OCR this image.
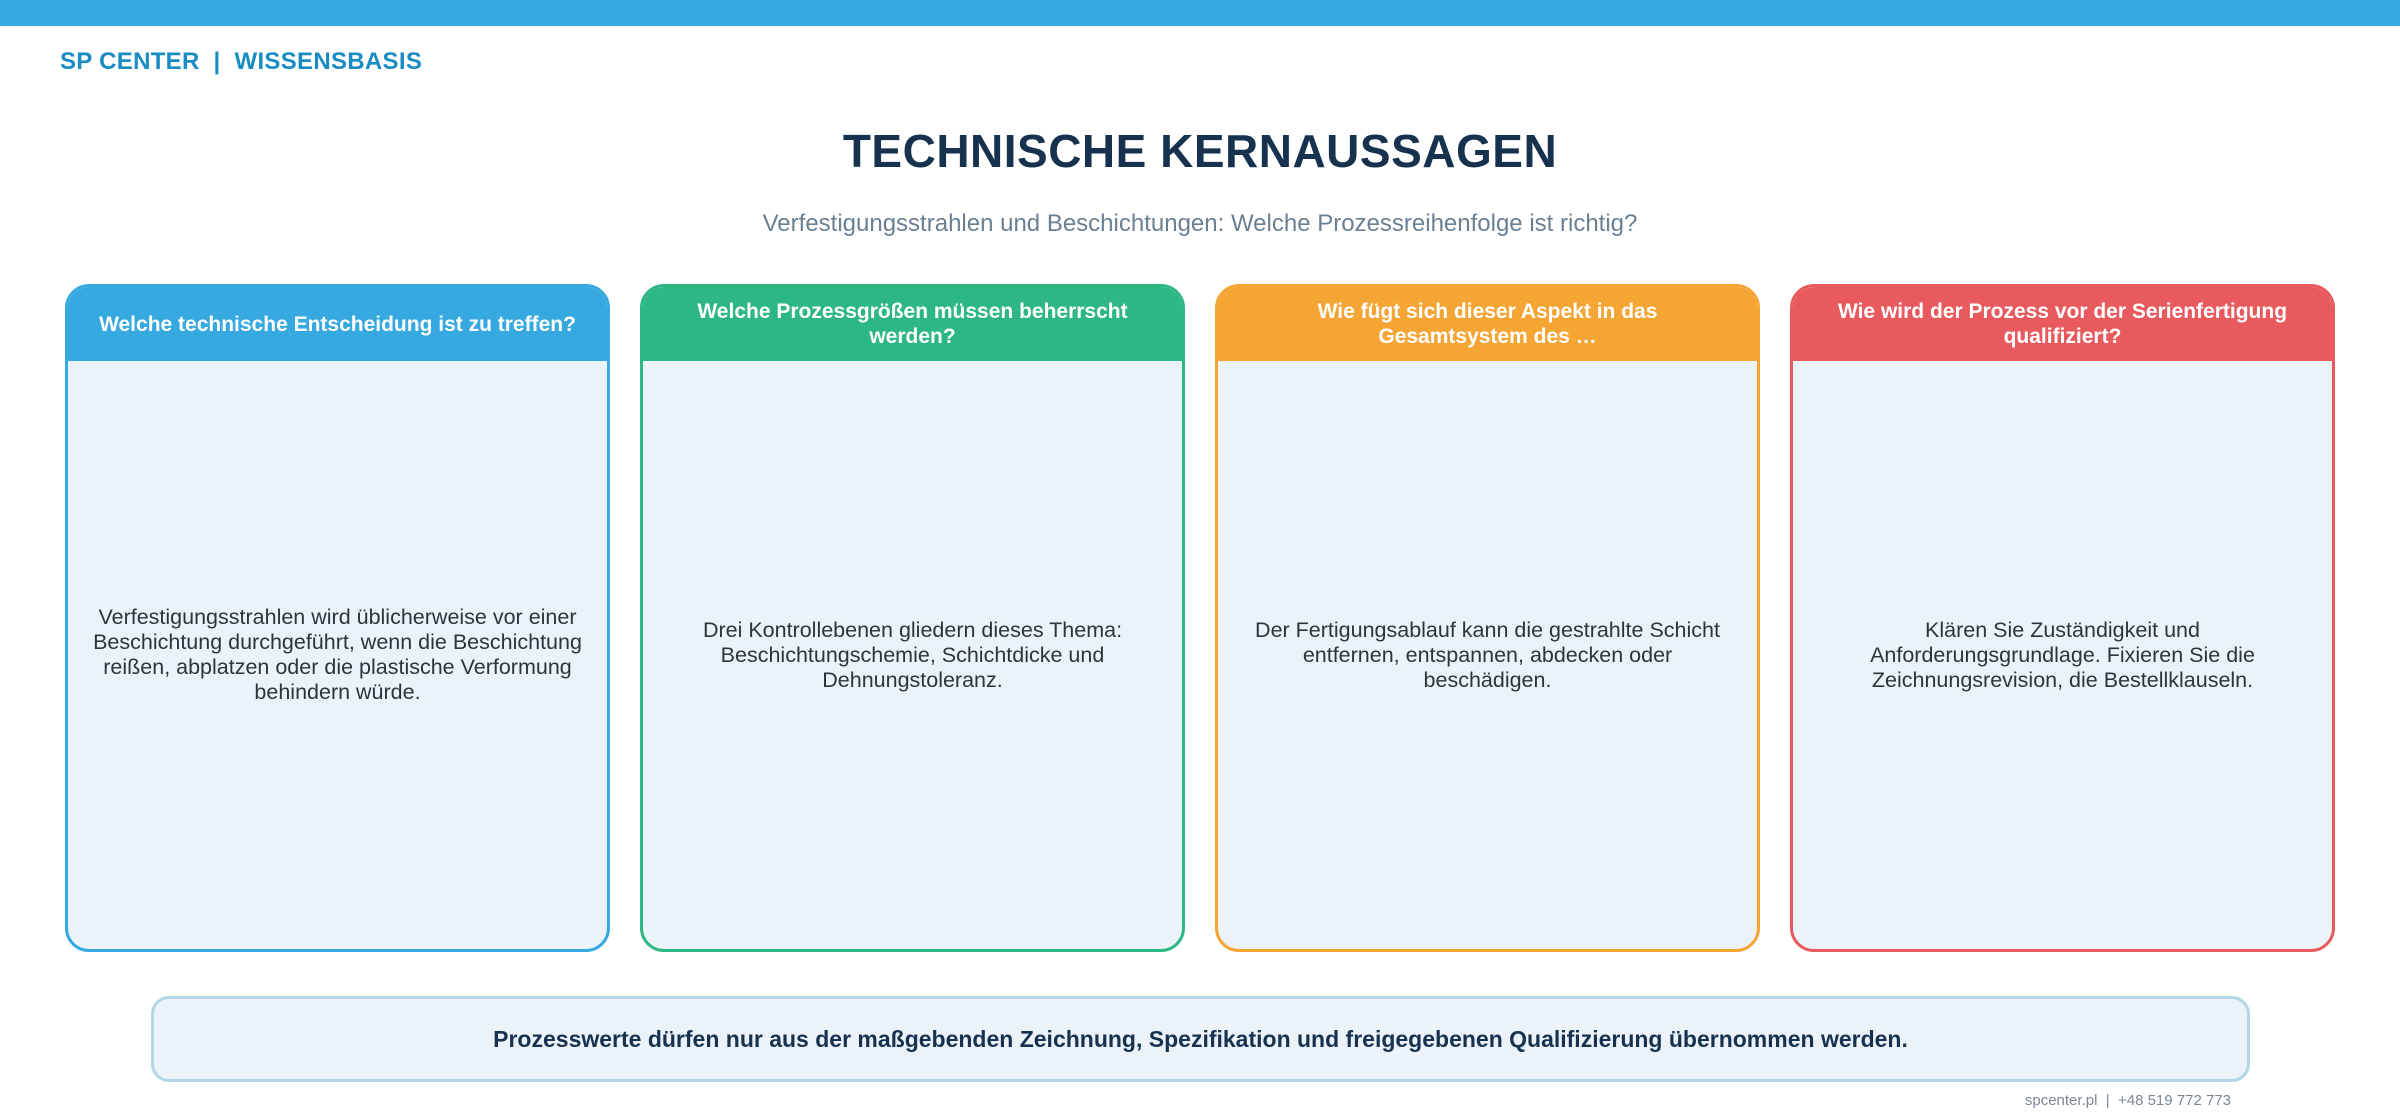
SP CENTER  |  WISSENSBASIS
TECHNISCHE KERNAUSSAGEN
Verfestigungsstrahlen und Beschichtungen: Welche Prozessreihenfolge ist richtig?
Welche technische Entscheidung ist zu treffen?
Verfestigungsstrahlen wird üblicherweise vor einer Beschichtung durchgeführt, wenn die Beschichtung reißen, abplatzen oder die plastische Verformung behindern würde.
Welche Prozessgrößen müssen beherrscht werden?
Drei Kontrollebenen gliedern dieses Thema: Beschichtungschemie, Schichtdicke und Dehnungstoleranz.
Wie fügt sich dieser Aspekt in das Gesamtsystem des …
Der Fertigungsablauf kann die gestrahlte Schicht entfernen, entspannen, abdecken oder beschädigen.
Wie wird der Prozess vor der Serienfertigung qualifiziert?
Klären Sie Zuständigkeit und Anforderungsgrundlage. Fixieren Sie die Zeichnungsrevision, die Bestellklauseln.
Prozesswerte dürfen nur aus der maßgebenden Zeichnung, Spezifikation und freigegebenen Qualifizierung übernommen werden.
spcenter.pl  |  +48 519 772 773
